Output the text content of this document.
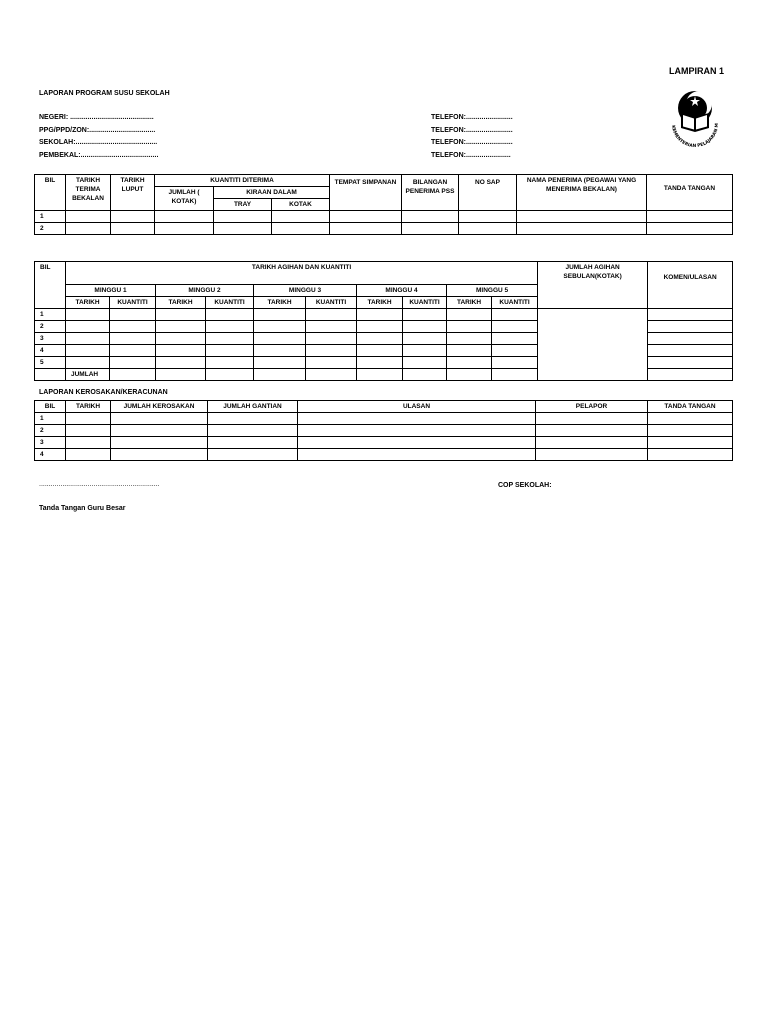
LAMPIRAN 1
LAPORAN PROGRAM SUSU SEKOLAH
NEGERI: ...........................................
PPG/PPD/ZON:..................................
SEKOLAH:..........................................
PEMBEKAL:........................................
TELEFON:........................
TELEFON:........................
TELEFON:........................
TELEFON:.......................
KEMENTERIAN PELAJARAN M
BIL	TARIKH TERIMA BEKALAN	TARIKH LUPUT	KUANTITI DITERIMA			TEMPAT SIMPANAN	BILANGAN PENERIMA PSS	NO SAP	NAMA PENERIMA (PEGAWAI YANG MENERIMA BEKALAN)	TANDA TANGAN
			JUMLAH ( KOTAK)	KIRAAN DALAM						
				TRAY	KOTAK					
1										
2										
BIL	TARIKH AGIHAN DAN KUANTITI										JUMLAH AGIHAN SEBULAN(KOTAK)	KOMEN/ULASAN
	MINGGU 1		MINGGU 2		MINGGU 3		MINGGU 4		MINGGU 5			
	TARIKH	KUANTITI	TARIKH	KUANTITI	TARIKH	KUANTITI	TARIKH	KUANTITI	TARIKH	KUANTITI		
1												
2												
3												
4												
5												
	JUMLAH											
LAPORAN KEROSAKAN/KERACUNAN
BIL	TARIKH	JUMLAH KEROSAKAN	JUMLAH GANTIAN	ULASAN	PELAPOR	TANDA TANGAN
1						
2						
3						
4						
..............................................................
Tanda Tangan Guru Besar
COP SEKOLAH:
